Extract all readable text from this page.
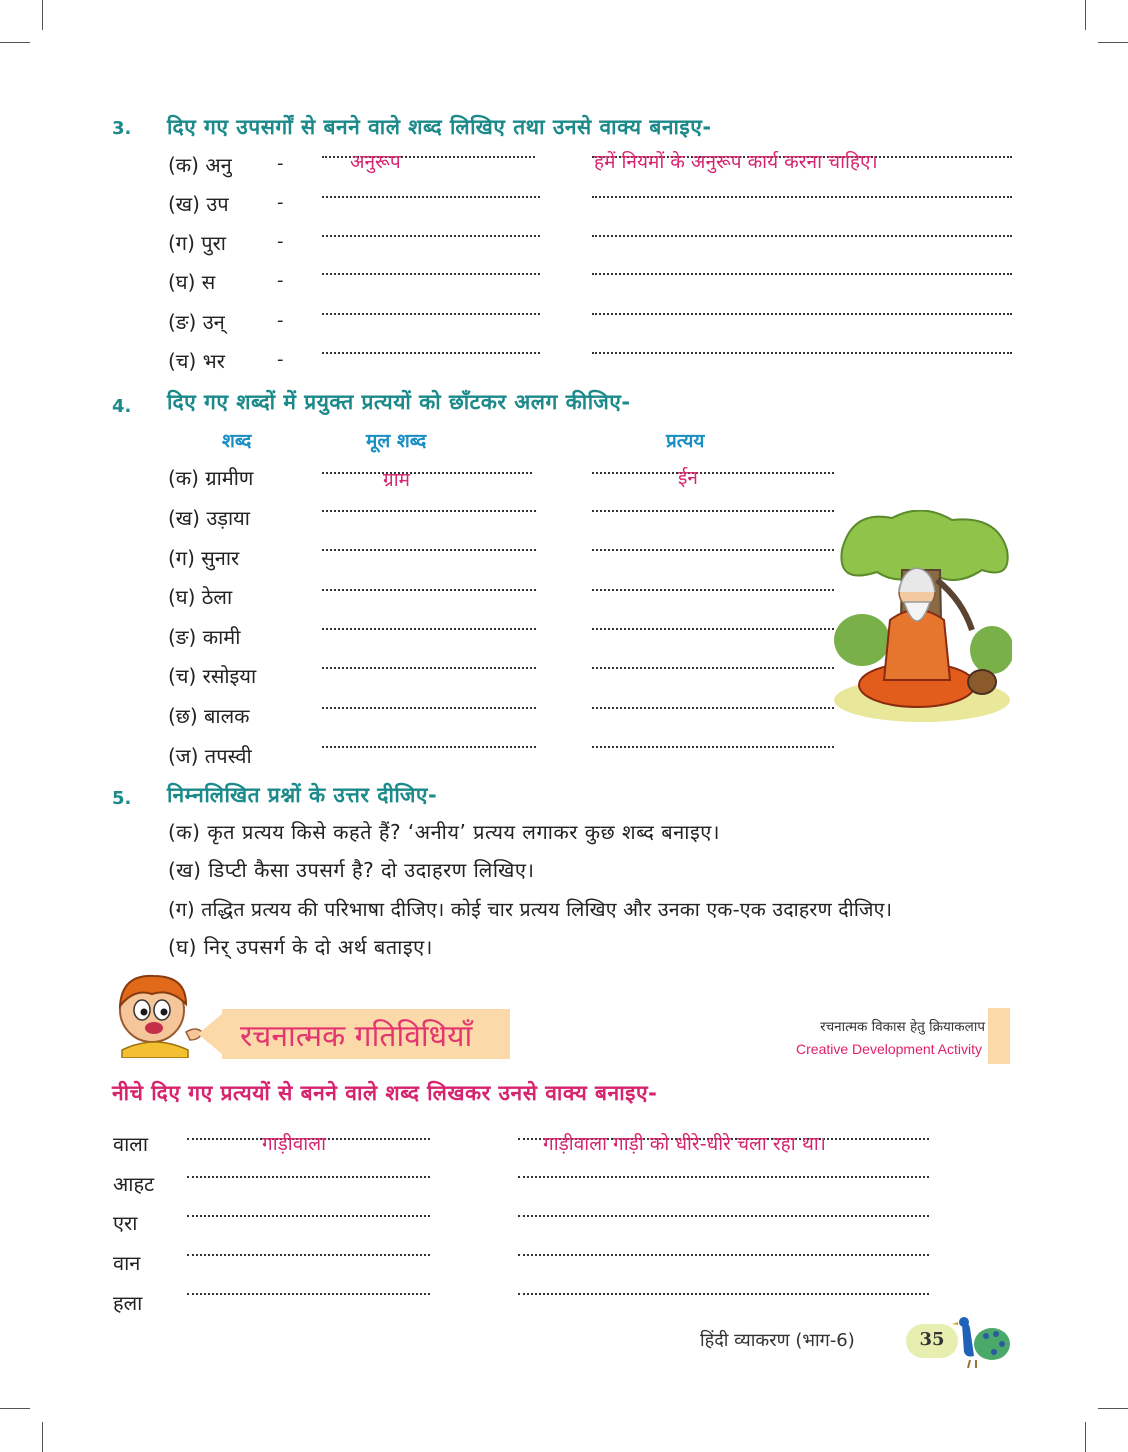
3. दिए गए उपसर्गों से बनने वाले शब्द लिखिए तथा उनसे वाक्य बनाइए-
(क) अनु	-	अनुरूप	हमें नियमों के अनुरूप कार्य करना चाहिए।
(ख) उप	-
(ग) पुरा	-
(घ) स	-
(ङ) उन्	-
(च) भर	-
4. दिए गए शब्दों में प्रयुक्त प्रत्ययों को छाँटकर अलग कीजिए-
शब्द	मूल शब्द	प्रत्यय
(क) ग्रामीण	ग्राम	ईन
(ख) उड़ाया
(ग) सुनार
(घ) ठेला
(ङ) कामी
(च) रसोइया
(छ) बालक
(ज) तपस्वी
5. निम्नलिखित प्रश्नों के उत्तर दीजिए-
(क) कृत प्रत्यय किसे कहते हैं? ‘अनीय’ प्रत्यय लगाकर कुछ शब्द बनाइए।
(ख) डिप्टी कैसा उपसर्ग है? दो उदाहरण लिखिए।
(ग) तद्धित प्रत्यय की परिभाषा दीजिए। कोई चार प्रत्यय लिखिए और उनका एक-एक उदाहरण दीजिए।
(घ) निर् उपसर्ग के दो अर्थ बताइए।
रचनात्मक गतिविधियाँ	रचनात्मक विकास हेतु क्रियाकलाप
Creative Development Activity
नीचे दिए गए प्रत्ययों से बनने वाले शब्द लिखकर उनसे वाक्य बनाइए-
वाला	गाड़ीवाला	गाड़ीवाला गाड़ी को धीरे-धीरे चला रहा था।
आहट
एरा
वान
हला
हिंदी व्याकरण (भाग-6)	35
